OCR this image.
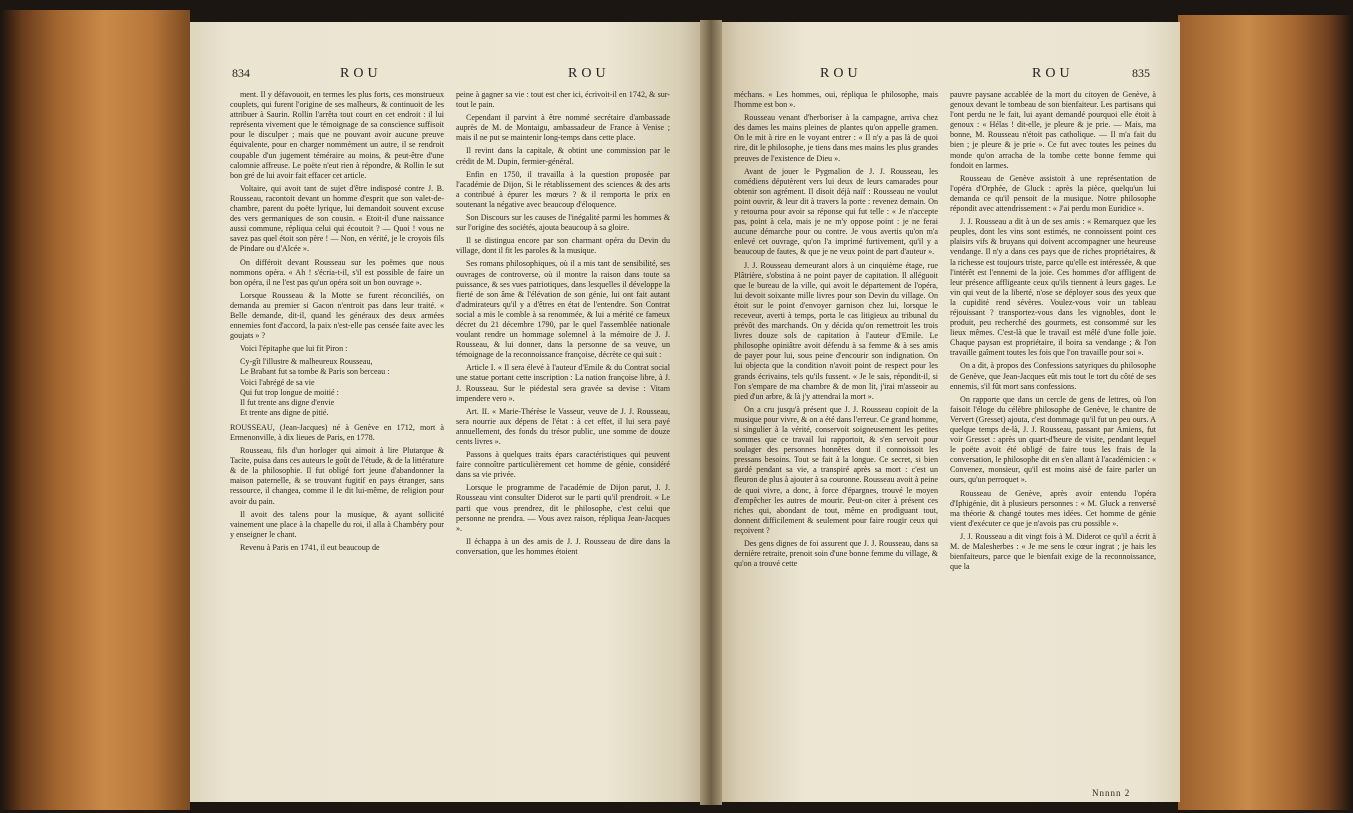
834	ROU	ROU

ment. Il y défavouoit, en termes les plus forts, ces monstrueux couplets, qui furent l'origine de ses malheurs, & continuoit de les attribuer à Saurin. Rollin l'arrêta tout court en cet endroit : il lui représenta vivement que le témoignage de sa conscience suffisoit pour le disculper ; mais que ne pouvant avoir aucune preuve équivalente, pour en charger nommément un autre, il se rendroit coupable d'un jugement téméraire au moins, & peut-être d'une calomnie affreuse. Le poëte n'eut rien à répondre, & Rollin le sut bon gré de lui avoir fait effacer cet article.

Voltaire, qui avoit tant de sujet d'être indisposé contre J. B. Rousseau, racontoit devant un homme d'esprit que son valet-de-chambre, parent du poëte lyrique, lui demandoit souvent excuse des vers germaniques de son cousin. « Etoit-il d'une naissance aussi commune, répliqua celui qui écoutoit ? — Quoi ! vous ne savez pas quel étoit son père ! — Non, en vérité, je le croyois fils de Pindare ou d'Alcée ».

On différoit devant Rousseau sur les poëmes que nous nommons opéra. « Ah ! s'écria-t-il, s'il est possible de faire un bon opéra, il ne l'est pas qu'un opéra soit un bon ouvrage ».

Lorsque Rousseau & la Motte se furent réconciliés, on demanda au premier si Gacon n'entroit pas dans leur traité. « Belle demande, dit-il, quand les généraux des deux armées ennemies font d'accord, la paix n'est-elle pas censée faite avec les goujats » ?

Voici l'épitaphe que lui fit Piron :

Cy-gît l'illustre & malheureux Rousseau,

Le Brabant fut sa tombe & Paris son berceau :

Voici l'abrégé de sa vie

Qui fut trop longue de moitié :

Il fut trente ans digne d'envie

Et trente ans digne de pitié.

ROUSSEAU, (Jean-Jacques) né à Genève en 1712, mort à Ermenonville, à dix lieues de Paris, en 1778.

Rousseau, fils d'un horloger qui aimoit à lire Plutarque & Tacite, puisa dans ces auteurs le goût de l'étude, & de la littérature & de la philosophie. Il fut obligé fort jeune d'abandonner la maison paternelle, & se trouvant fugitif en pays étranger, sans ressource, il changea, comme il le dit lui-même, de religion pour avoir du pain.

Il avoit des talens pour la musique, & ayant sollicité vainement une place à la chapelle du roi, il alla à Chambéry pour y enseigner le chant.

Revenu à Paris en 1741, il eut beaucoup de

peine à gagner sa vie : tout est cher ici, écrivoit-il en 1742, & sur-tout le pain.

Cependant il parvint à être nommé secrétaire d'ambassade auprès de M. de Montaigu, ambassadeur de France à Venise ; mais il ne put se maintenir long-temps dans cette place.

Il revint dans la capitale, & obtint une commission par le crédit de M. Dupin, fermier-général.

Enfin en 1750, il travailla à la question proposée par l'académie de Dijon, Si le rétablissement des sciences & des arts a contribué à épurer les mœurs ? & il remporta le prix en soutenant la négative avec beaucoup d'éloquence.

Son Discours sur les causes de l'inégalité parmi les hommes & sur l'origine des sociétés, ajouta beaucoup à sa gloire.

Il se distingua encore par son charmant opéra du Devin du village, dont il fit les paroles & la musique.

Ses romans philosophiques, où il a mis tant de sensibilité, ses ouvrages de controverse, où il montre la raison dans toute sa puissance, & ses vues patriotiques, dans lesquelles il développe la fierté de son âme & l'élévation de son génie, lui ont fait autant d'admirateurs qu'il y a d'êtres en état de l'entendre. Son Contrat social a mis le comble à sa renommée, & lui a mérité ce fameux décret du 21 décembre 1790, par le quel l'assemblée nationale voulant rendre un hommage solemnel à la mémoire de J. J. Rousseau, & lui donner, dans la personne de sa veuve, un témoignage de la reconnoissance françoise, décrète ce qui suit :

Article I. « Il sera élevé à l'auteur d'Emile & du Contrat social une statue portant cette inscription : La nation françoise libre, à J. J. Rousseau. Sur le piédestal sera gravée sa devise : Vitam impendere vero ».

Art. II. « Marie-Thérèse le Vasseur, veuve de J. J. Rousseau, sera nourrie aux dépens de l'état : à cet effet, il lui sera payé annuellement, des fonds du trésor public, une somme de douze cents livres ».

Passons à quelques traits épars caractéristiques qui peuvent faire connoître particulièrement cet homme de génie, considéré dans sa vie privée.

Lorsque le programme de l'académie de Dijon parut, J. J. Rousseau vint consulter Diderot sur le parti qu'il prendroit. « Le parti que vous prendrez, dit le philosophe, c'est celui que personne ne prendra. — Vous avez raison, répliqua Jean-Jacques ».

Il échappa à un des amis de J. J. Rousseau de dire dans la conversation, que les hommes étoient

ROU	ROU	835

méchans. « Les hommes, oui, répliqua le philosophe, mais l'homme est bon ».

Rousseau venant d'herboriser à la campagne, arriva chez des dames les mains pleines de plantes qu'on appelle gramen. On le mit à rire en le voyant entrer : « Il n'y a pas là de quoi rire, dit le philosophe, je tiens dans mes mains les plus grandes preuves de l'existence de Dieu ».

Avant de jouer le Pygmalion de J. J. Rousseau, les comédiens députèrent vers lui deux de leurs camarades pour obtenir son agrément. Il disoit déjà naïf : Rousseau ne voulut point ouvrir, & leur dit à travers la porte : revenez demain. On y retourna pour avoir sa réponse qui fut telle : « Je n'accepte pas, point à cela, mais je ne m'y oppose point : je ne ferai aucune démarche pour ou contre. Je vous avertis qu'on m'a enlevé cet ouvrage, qu'on l'a imprimé furtivement, qu'il y a beaucoup de fautes, & que je ne veux point de part d'auteur ».

J. J. Rousseau demeurant alors à un cinquième étage, rue Plâtrière, s'obstina à ne point payer de capitation. Il alléguoit que le bureau de la ville, qui avoit le département de l'opéra, lui devoit soixante mille livres pour son Devin du village. On étoit sur le point d'envoyer garnison chez lui, lorsque le receveur, averti à temps, porta le cas litigieux au tribunal du prévôt des marchands. On y décida qu'on remettroit les trois livres douze sols de capitation à l'auteur d'Emile. Le philosophe opiniâtre avoit défendu à sa femme & à ses amis de payer pour lui, sous peine d'encourir son indignation. On lui objecta que la condition n'avoit point de respect pour les grands écrivains, tels qu'ils fussent. « Je le sais, répondit-il, si l'on s'empare de ma chambre & de mon lit, j'irai m'asseoir au pied d'un arbre, & là j'y attendrai la mort ».

On a cru jusqu'à présent que J. J. Rousseau copioit de la musique pour vivre, & on a été dans l'erreur. Ce grand homme, si singulier à la vérité, conservoit soigneusement les petites sommes que ce travail lui rapportoit, & s'en servoit pour soulager des personnes honnêtes dont il connoissoit les pressans besoins. Tout se fait à la longue. Ce secret, si bien gardé pendant sa vie, a transpiré après sa mort : c'est un fleuron de plus à ajouter à sa couronne. Rousseau avoit à peine de quoi vivre, a donc, à force d'épargnes, trouvé le moyen d'empêcher les autres de mourir. Peut-on citer à présent ces riches qui, abondant de tout, même en prodiguant tout, donnent difficilement & seulement pour faire rougir ceux qui reçoivent ?

Des gens dignes de foi assurent que J. J. Rousseau, dans sa dernière retraite, prenoit soin d'une bonne femme du village, & qu'on a trouvé cette

pauvre paysane accablée de la mort du citoyen de Genève, à genoux devant le tombeau de son bienfaiteur. Les partisans qui l'ont perdu ne le fait, lui ayant demandé pourquoi elle étoit à genoux : « Hélas ! dit-elle, je pleure & je prie. — Mais, ma bonne, M. Rousseau n'étoit pas catholique. — Il m'a fait du bien ; je pleure & je prie ». Ce fut avec toutes les peines du monde qu'on arracha de la tombe cette bonne femme qui fondoit en larmes.

Rousseau de Genève assistoit à une représentation de l'opéra d'Orphée, de Gluck : après la pièce, quelqu'un lui demanda ce qu'il pensoit de la musique. Notre philosophe répondit avec attendrissement : « J'ai perdu mon Euridice ».

J. J. Rousseau a dit à un de ses amis : « Remarquez que les peuples, dont les vins sont estimés, ne connoissent point ces plaisirs vifs & bruyans qui doivent accompagner une heureuse vendange. Il n'y a dans ces pays que de riches propriétaires, & la richesse est toujours triste, parce qu'elle est intéressée, & que l'intérêt est l'ennemi de la joie. Ces hommes d'or affligent de leur présence affligeante ceux qu'ils tiennent à leurs gages. Le vin qui veut de la liberté, n'ose se déployer sous des yeux que la cupidité rend sévères. Voulez-vous voir un tableau réjouissant ? transportez-vous dans les vignobles, dont le produit, peu recherché des gourmets, est consommé sur les lieux mêmes. C'est-là que le travail est mêlé d'une folle joie. Chaque paysan est propriétaire, il boira sa vendange ; & l'on travaille gaîment toutes les fois que l'on travaille pour soi ».

On a dit, à propos des Confessions satyriques du philosophe de Genève, que Jean-Jacques eût mis tout le tort du côté de ses ennemis, s'il fût mort sans confessions.

On rapporte que dans un cercle de gens de lettres, où l'on faisoit l'éloge du célèbre philosophe de Genève, le chantre de Ververt (Gresset) ajouta, c'est dommage qu'il fut un peu ours. A quelque temps de-là, J. J. Rousseau, passant par Amiens, fut voir Gresset : après un quart-d'heure de visite, pendant lequel le poëte avoit été obligé de faire tous les frais de la conversation, le philosophe dit en s'en allant à l'académicien : « Convenez, monsieur, qu'il est moins aisé de faire parler un ours, qu'un perroquet ».

Rousseau de Genève, après avoir entendu l'opéra d'Iphigénie, dit à plusieurs personnes : « M. Gluck a renversé ma théorie & changé toutes mes idées. Cet homme de génie vient d'exécuter ce que je n'avois pas cru possible ».

J. J. Rousseau a dit vingt fois à M. Diderot ce qu'il a écrit à M. de Malesherbes : « Je me sens le cœur ingrat ; je hais les bienfaiteurs, parce que le bienfait exige de la reconnoissance, que la

Nnnnn 2
